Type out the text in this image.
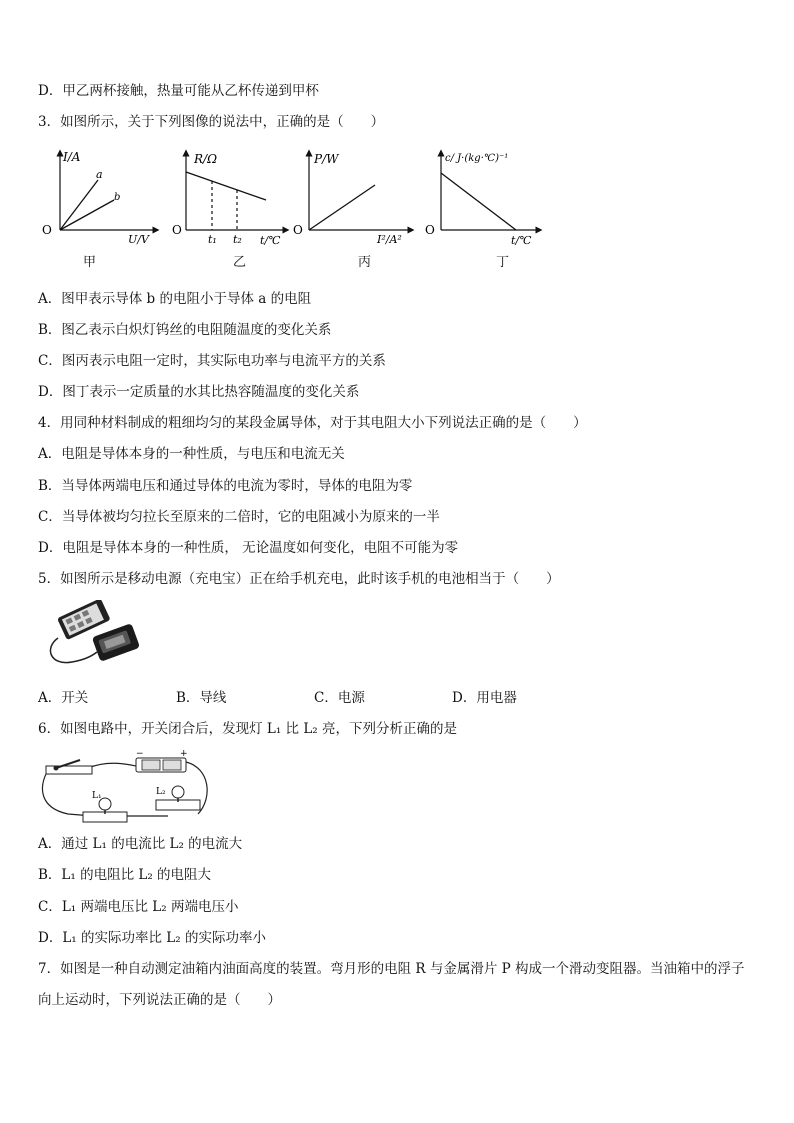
D．甲乙两杯接触，热量可能从乙杯传递到甲杯
3．如图所示，关于下列图像的说法中，正确的是（　　）
I/A
O
a
b
U/V
甲
R/Ω
O
t₁ t₂ t/℃
乙
P/W
O
I²/A²
丙
c/ J·(kg·℃)⁻¹
O
t/℃
丁
A．图甲表示导体 b 的电阻小于导体 a 的电阻
B．图乙表示白炽灯钨丝的电阻随温度的变化关系
C．图丙表示电阻一定时，其实际电功率与电流平方的关系
D．图丁表示一定质量的水其比热容随温度的变化关系
4．用同种材料制成的粗细均匀的某段金属导体，对于其电阻大小下列说法正确的是（　　）
A．电阻是导体本身的一种性质，与电压和电流无关
B．当导体两端电压和通过导体的电流为零时，导体的电阻为零
C．当导体被均匀拉长至原来的二倍时，它的电阻减小为原来的一半
D．电阻是导体本身的一种性质， 无论温度如何变化，电阻不可能为零
5．如图所示是移动电源（充电宝）正在给手机充电，此时该手机的电池相当于（　　）
A．开关	B．导线	C．电源	D．用电器
6．如图电路中，开关闭合后，发现灯 L₁ 比 L₂ 亮，下列分析正确的是
−	+
L₁	L₂
A．通过 L₁ 的电流比 L₂ 的电流大
B．L₁ 的电阻比 L₂ 的电阻大
C．L₁ 两端电压比 L₂ 两端电压小
D．L₁ 的实际功率比 L₂ 的实际功率小
7．如图是一种自动测定油箱内油面高度的装置。弯月形的电阻 R 与金属滑片 P 构成一个滑动变阻器。当油箱中的浮子
向上运动时，下列说法正确的是（　　）
